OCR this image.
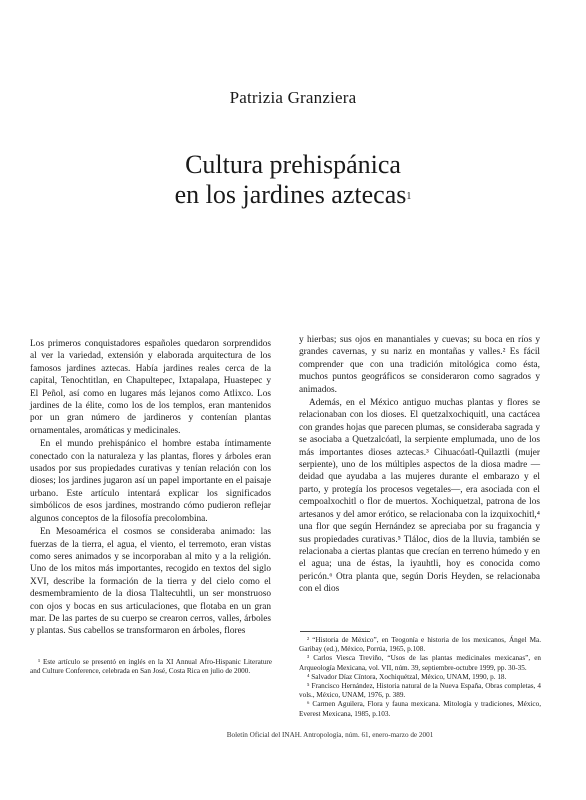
Patrizia Granziera
Cultura prehispánica
en los jardines aztecas$^1$

Los primeros conquistadores españoles quedaron sorprendidos al ver la variedad, extensión y elaborada arquitectura de los famosos jardines aztecas. Había jardines reales cerca de la capital, Tenochtitlan, en Chapultepec, Ixtapalapa, Huastepec y El Peñol, así como en lugares más lejanos como Atlixco. Los jardines de la élite, como los de los templos, eran mantenidos por un gran número de jardineros y contenían plantas ornamentales, aromáticas y medicinales.

En el mundo prehispánico el hombre estaba íntimamente conectado con la naturaleza y las plantas, flores y árboles eran usados por sus propiedades curativas y tenían relación con los dioses; los jardines jugaron así un papel importante en el paisaje urbano. Este artículo intentará explicar los significados simbólicos de esos jardines, mostrando cómo pudieron reflejar algunos conceptos de la filosofía precolombina.

En Mesoamérica el cosmos se consideraba animado: las fuerzas de la tierra, el agua, el viento, el terremoto, eran vistas como seres animados y se incorporaban al mito y a la religión. Uno de los mitos más importantes, recogido en textos del siglo XVI, describe la formación de la tierra y del cielo como el desmembramiento de la diosa Tlaltecuhtli, un ser monstruoso con ojos y bocas en sus articulaciones, que flotaba en un gran mar. De las partes de su cuerpo se crearon cerros, valles, árboles y plantas. Sus cabellos se transformaron en árboles, flores

¹ Este artículo se presentó en inglés en la XI Annual Afro-Hispanic Literature and Culture Conference, celebrada en San José, Costa Rica en julio de 2000.

y hierbas; sus ojos en manantiales y cuevas; su boca en ríos y grandes cavernas, y su nariz en montañas y valles.² Es fácil comprender que con una tradición mitológica como ésta, muchos puntos geográficos se consideraron como sagrados y animados.

Además, en el México antiguo muchas plantas y flores se relacionaban con los dioses. El quetzalxochiquitl, una cactácea con grandes hojas que parecen plumas, se consideraba sagrada y se asociaba a Quetzalcóatl, la serpiente emplumada, uno de los más importantes dioses aztecas.³ Cihuacóatl-Quilaztli (mujer serpiente), uno de los múltiples aspectos de la diosa madre —deidad que ayudaba a las mujeres durante el embarazo y el parto, y protegía los procesos vegetales—, era asociada con el cempoalxochitl o flor de muertos. Xochiquetzal, patrona de los artesanos y del amor erótico, se relacionaba con la izquixochitl,⁴ una flor que según Hernández se apreciaba por su fragancia y sus propiedades curativas.⁵ Tláloc, dios de la lluvia, también se relacionaba a ciertas plantas que crecían en terreno húmedo y en el agua; una de éstas, la iyauhtli, hoy es conocida como pericón.⁶ Otra planta que, según Doris Heyden, se relacionaba con el dios

² “Historia de México”, en Teogonía e historia de los mexicanos, Ángel Ma. Garibay (ed.), México, Porrúa, 1965, p.108.

³ Carlos Viesca Treviño, “Usos de las plantas medicinales mexicanas”, en Arqueología Mexicana, vol. VII, núm. 39, septiembre-octubre 1999, pp. 30-35.

⁴ Salvador Díaz Cíntora, Xochiquétzal, México, UNAM, 1990, p. 18.

⁵ Francisco Hernández, Historia natural de la Nueva España, Obras completas, 4 vols., México, UNAM, 1976, p. 389.

⁶ Carmen Aguilera, Flora y fauna mexicana. Mitología y tradiciones, México, Everest Mexicana, 1985, p.103.

Boletín Oficial del INAH. Antropología, núm. 61, enero-marzo de 2001
